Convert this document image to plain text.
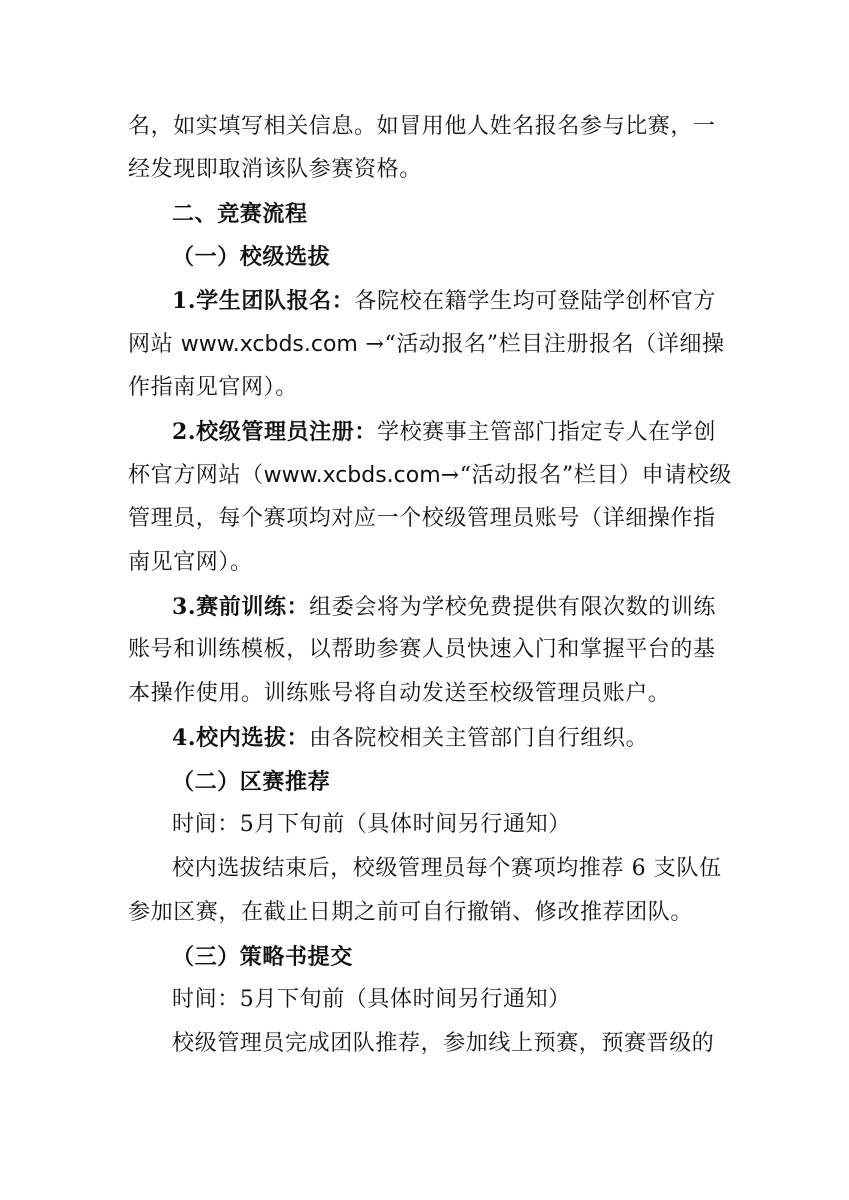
名，如实填写相关信息。如冒用他人姓名报名参与比赛，一
经发现即取消该队参赛资格。
二、竞赛流程
（一）校级选拔
1.学生团队报名：各院校在籍学生均可登陆学创杯官方
网站 www.xcbds.com →“活动报名”栏目注册报名（详细操
作指南见官网）。
2.校级管理员注册：学校赛事主管部门指定专人在学创
杯官方网站（www.xcbds.com→“活动报名”栏目）申请校级
管理员，每个赛项均对应一个校级管理员账号（详细操作指
南见官网）。
3.赛前训练：组委会将为学校免费提供有限次数的训练
账号和训练模板，以帮助参赛人员快速入门和掌握平台的基
本操作使用。训练账号将自动发送至校级管理员账户。
4.校内选拔：由各院校相关主管部门自行组织。
（二）区赛推荐
时间：5月下旬前（具体时间另行通知）
校内选拔结束后，校级管理员每个赛项均推荐 6 支队伍
参加区赛，在截止日期之前可自行撤销、修改推荐团队。
（三）策略书提交
时间：5月下旬前（具体时间另行通知）
校级管理员完成团队推荐，参加线上预赛，预赛晋级的
